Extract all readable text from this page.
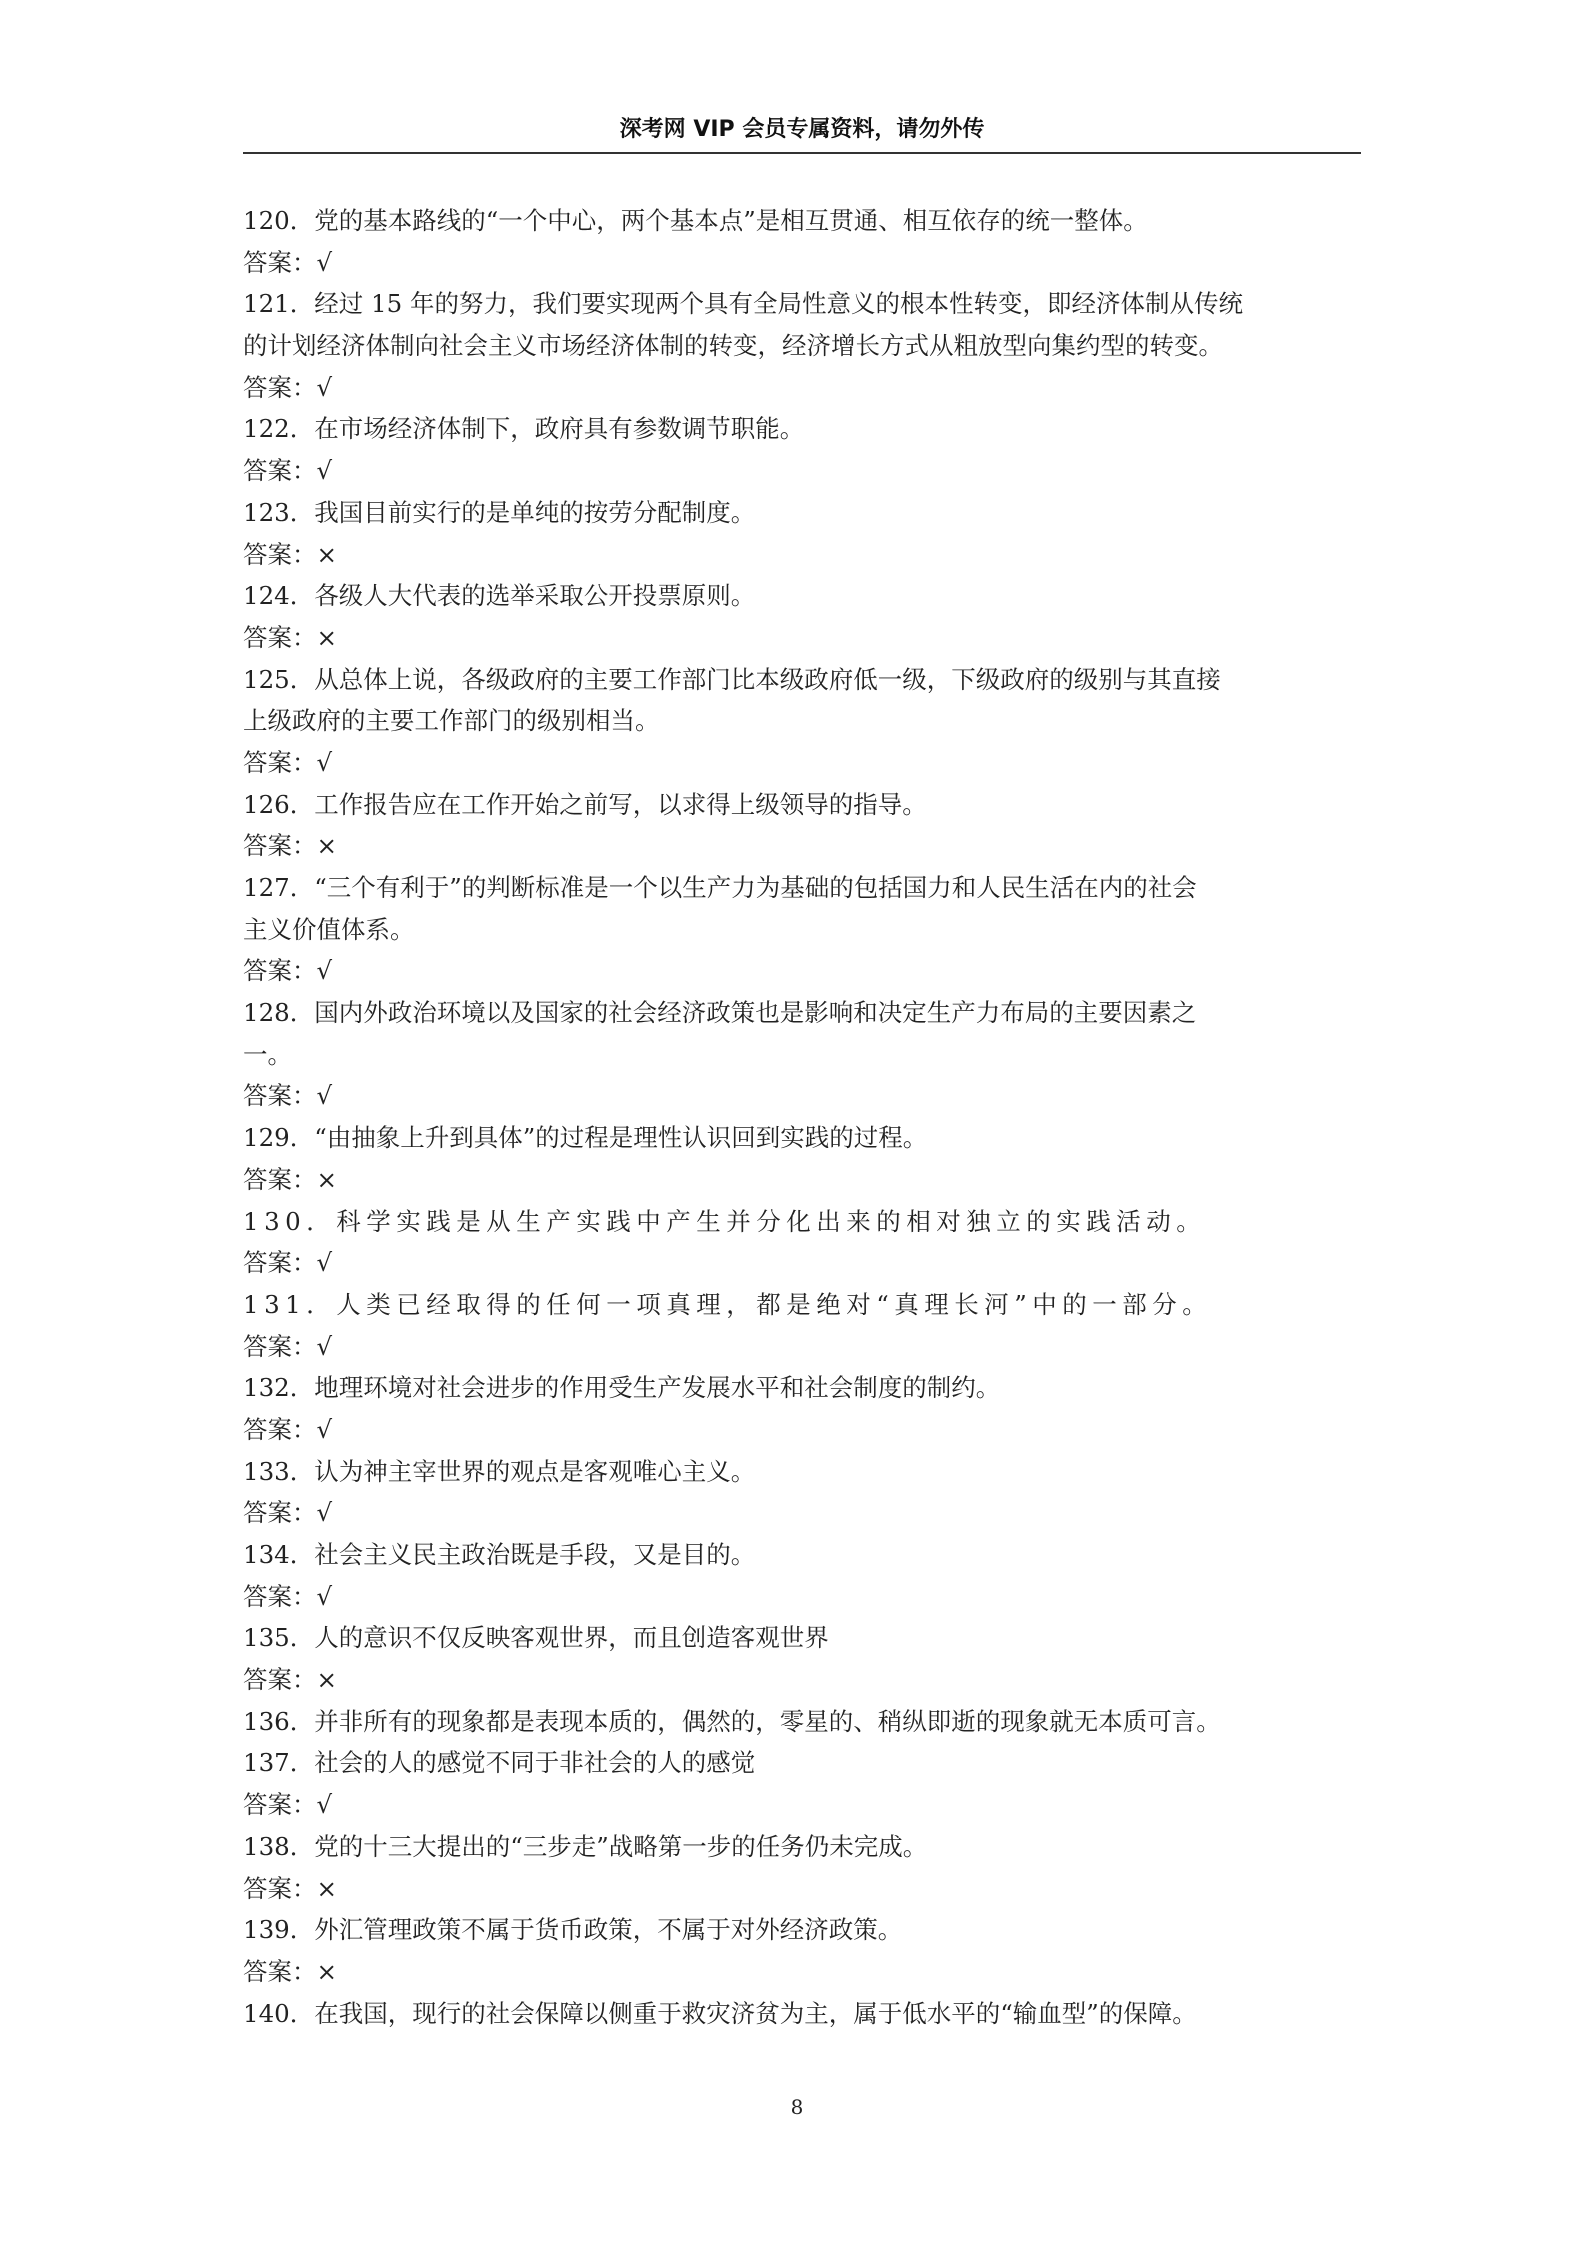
深考网 VIP 会员专属资料，请勿外传
120．党的基本路线的“一个中心，两个基本点”是相互贯通、相互依存的统一整体。
答案：√
121．经过 15 年的努力，我们要实现两个具有全局性意义的根本性转变，即经济体制从传统
的计划经济体制向社会主义市场经济体制的转变，经济增长方式从粗放型向集约型的转变。
答案：√
122．在市场经济体制下，政府具有参数调节职能。
答案：√
123．我国目前实行的是单纯的按劳分配制度。
答案：×
124．各级人大代表的选举采取公开投票原则。
答案：×
125．从总体上说，各级政府的主要工作部门比本级政府低一级，下级政府的级别与其直接
上级政府的主要工作部门的级别相当。
答案：√
126．工作报告应在工作开始之前写，以求得上级领导的指导。
答案：×
127．“三个有利于”的判断标准是一个以生产力为基础的包括国力和人民生活在内的社会
主义价值体系。
答案：√
128．国内外政治环境以及国家的社会经济政策也是影响和决定生产力布局的主要因素之
一。
答案：√
129．“由抽象上升到具体”的过程是理性认识回到实践的过程。
答案：×
130．科学实践是从生产实践中产生并分化出来的相对独立的实践活动。
答案：√
131．人类已经取得的任何一项真理，都是绝对“真理长河”中的一部分。
答案：√
132．地理环境对社会进步的作用受生产发展水平和社会制度的制约。
答案：√
133．认为神主宰世界的观点是客观唯心主义。
答案：√
134．社会主义民主政治既是手段，又是目的。
答案：√
135．人的意识不仅反映客观世界，而且创造客观世界
答案：×
136．并非所有的现象都是表现本质的，偶然的，零星的、稍纵即逝的现象就无本质可言。
137．社会的人的感觉不同于非社会的人的感觉
答案：√
138．党的十三大提出的“三步走”战略第一步的任务仍未完成。
答案：×
139．外汇管理政策不属于货币政策，不属于对外经济政策。
答案：×
140．在我国，现行的社会保障以侧重于救灾济贫为主，属于低水平的“输血型”的保障。
8
